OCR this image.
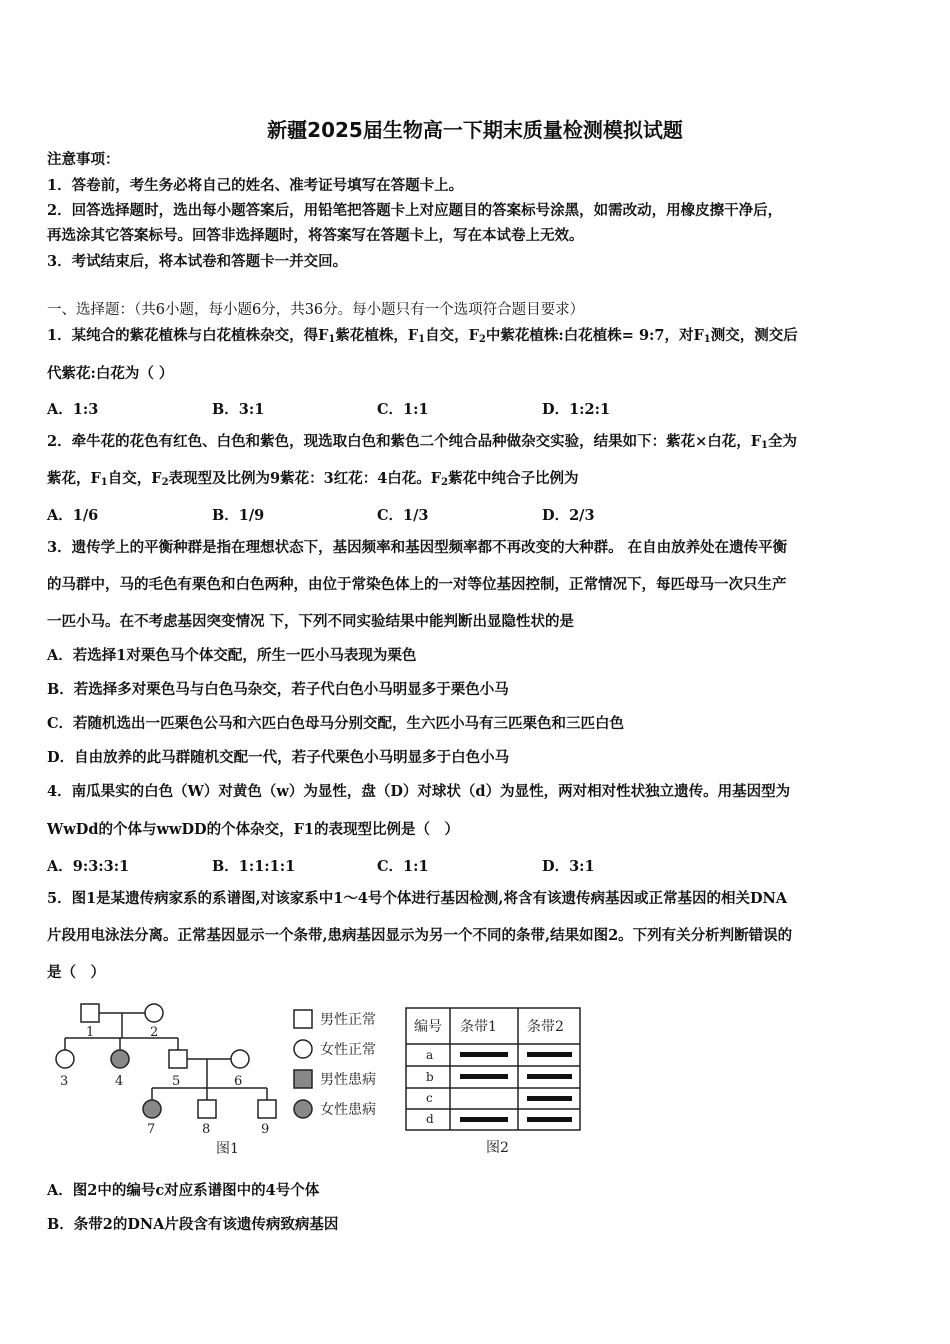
新疆2025届生物高一下期末质量检测模拟试题
注意事项：
1．答卷前，考生务必将自己的姓名、准考证号填写在答题卡上。
2．回答选择题时，选出每小题答案后，用铅笔把答题卡上对应题目的答案标号涂黑，如需改动，用橡皮擦干净后，
再选涂其它答案标号。回答非选择题时，将答案写在答题卡上，写在本试卷上无效。
3．考试结束后，将本试卷和答题卡一并交回。
一、选择题：（共6小题，每小题6分，共36分。每小题只有一个选项符合题目要求）
1．某纯合的紫花植株与白花植株杂交，得$F_1$紫花植株，$F_1$自交，$F_2$中紫花植株:白花植株= 9:7，对$F_1$测交，测交后
代紫花:白花为（ ）
A．1:3	B．3:1	C．1:1	D．1:2:1
2．牵牛花的花色有红色、白色和紫色，现选取白色和紫色二个纯合品种做杂交实验，结果如下：紫花×白花，$F_1$全为
紫花，$F_1$自交，$F_2$表现型及比例为9紫花：3红花：4白花。$F_2$紫花中纯合子比例为
A．1/6	B．1/9	C．1/3	D．2/3
3．遗传学上的平衡种群是指在理想状态下，基因频率和基因型频率都不再改变的大种群。 在自由放养处在遗传平衡
的马群中，马的毛色有栗色和白色两种，由位于常染色体上的一对等位基因控制，正常情况下，每匹母马一次只生产
一匹小马。在不考虑基因突变情况 下，下列不同实验结果中能判断出显隐性状的是
A．若选择1对栗色马个体交配，所生一匹小马表现为栗色
B．若选择多对栗色马与白色马杂交，若子代白色小马明显多于栗色小马
C．若随机选出一匹栗色公马和六匹白色母马分别交配，生六匹小马有三匹栗色和三匹白色
D．自由放养的此马群随机交配一代，若子代栗色小马明显多于白色小马
4．南瓜果实的白色（W）对黄色（w）为显性，盘（D）对球状（d）为显性，两对相对性状独立遗传。用基因型为
WwDd的个体与wwDD的个体杂交，F1的表现型比例是（　）
A．9:3:3:1	B．1:1:1:1	C．1:1	D．3:1
5．图1是某遗传病家系的系谱图,对该家系中1～4号个体进行基因检测,将含有该遗传病基因或正常基因的相关DNA
片段用电泳法分离。正常基因显示一个条带,患病基因显示为另一个不同的条带,结果如图2。下列有关分析判断错误的
是（　）
1	2
3	4	5	6
7	8	9
图1
男性正常
女性正常
男性患病
女性患病
编号 条带1 条带2
a
b
c
d
图2
A．图2中的编号c对应系谱图中的4号个体
B．条带2的DNA片段含有该遗传病致病基因
